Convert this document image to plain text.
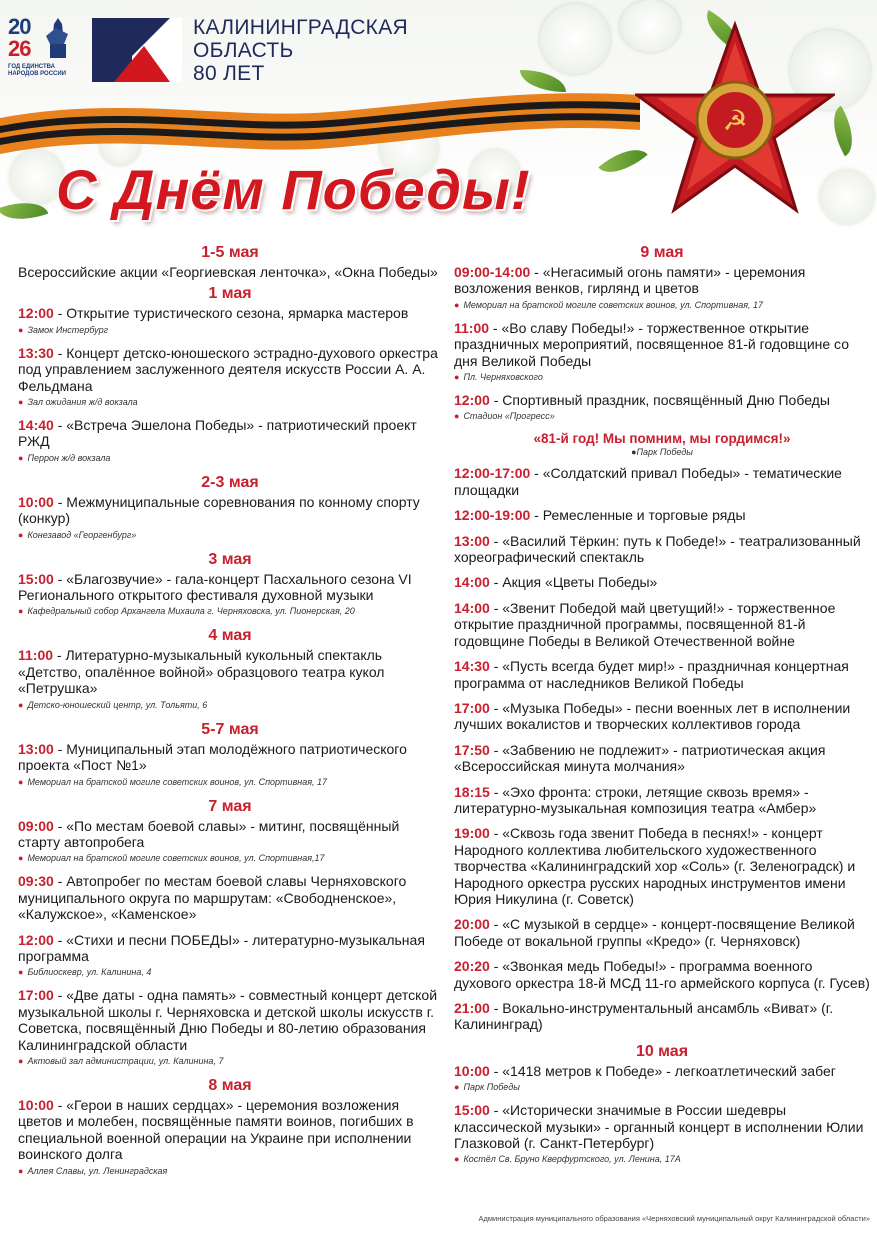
☭
20
26
ГОД ЕДИНСТВА НАРОДОВ РОССИИ
КАЛИНИНГРАДСКАЯ
ОБЛАСТЬ
80 ЛЕТ
С Днём Победы!
1-5 мая
Всероссийские акции «Георгиевская ленточка», «Окна Победы»
1 мая
12:00 - Открытие туристического сезона, ярмарка мастеров
● Замок Инстербург
13:30 - Концерт детско-юношеского эстрадно-духового оркестра под управлением заслуженного деятеля искусств России А. А. Фельдмана
● Зал ожидания ж/д вокзала
14:40 - «Встреча Эшелона Победы» - патриотический проект РЖД
● Перрон ж/д вокзала
2-3 мая
10:00 - Межмуниципальные соревнования по конному спорту (конкур)
● Конезавод «Георгенбург»
3 мая
15:00 - «Благозвучие» - гала-концерт Пасхального сезона VI Регионального открытого фестиваля духовной музыки
● Кафедральный собор Архангела Михаила г. Черняховска, ул. Пионерская, 20
4 мая
11:00 - Литературно-музыкальный кукольный спектакль «Детство, опалённое войной» образцового театра кукол «Петрушка»
● Детско-юношеский центр, ул. Тольяти, 6
5-7 мая
13:00 - Муниципальный этап молодёжного патриотического проекта «Пост №1»
● Мемориал на братской могиле советских воинов, ул. Спортивная, 17
7 мая
09:00 - «По местам боевой славы» - митинг, посвящённый старту автопробега
● Мемориал на братской могиле советских воинов, ул. Спортивная,17
09:30 - Автопробег по местам боевой славы Черняховского муниципального округа по маршрутам: «Свободненское», «Калужское», «Каменское»
12:00 - «Стихи и песни ПОБЕДЫ» - литературно-музыкальная программа
● Библиоскевр, ул. Калинина, 4
17:00 - «Две даты - одна память» - совместный концерт детской музыкальной школы г. Черняховска и детской школы искусств г. Советска, посвящённый Дню Победы и 80-летию образования Калининградской области
● Актовый зал администрации, ул. Калинина, 7
8 мая
10:00 - «Герои в наших сердцах» - церемония возложения цветов и молебен, посвящённые памяти воинов, погибших в специальной военной операции на Украине при исполнении воинского долга
● Аллея Славы, ул. Ленинградская
9 мая
09:00-14:00 - «Негасимый огонь памяти» - церемония возложения венков, гирлянд и цветов
● Мемориал на братской могиле советских воинов, ул. Спортивная, 17
11:00 - «Во славу Победы!» - торжественное открытие праздничных мероприятий, посвященное 81-й годовщине со дня Великой Победы
● Пл. Черняховского
12:00 - Спортивный праздник, посвящённый Дню Победы
● Стадион «Прогресс»
«81-й год! Мы помним, мы гордимся!»
●Парк Победы
12:00-17:00 - «Солдатский привал Победы» - тематические площадки
12:00-19:00 - Ремесленные и торговые ряды
13:00 - «Василий Тёркин: путь к Победе!» - театрализованный хореографический спектакль
14:00 - Акция «Цветы Победы»
14:00 - «Звенит Победой май цветущий!» - торжественное открытие праздничной программы, посвященной 81-й годовщине Победы в Великой Отечественной войне
14:30 - «Пусть всегда будет мир!» - праздничная концертная программа от наследников Великой Победы
17:00 - «Музыка Победы» - песни военных лет в исполнении лучших вокалистов и творческих коллективов города
17:50 - «Забвению не подлежит» - патриотическая акция «Всероссийская минута молчания»
18:15 - «Эхо фронта: строки, летящие сквозь время» - литературно-музыкальная композиция театра «Амбер»
19:00 - «Сквозь года звенит Победа в песнях!» - концерт Народного коллектива любительского художественного творчества «Калининградский хор «Соль» (г. Зеленоградск) и Народного оркестра русских народных инструментов имени Юрия Никулина (г. Советск)
20:00 - «С музыкой в сердце» - концерт-посвящение Великой Победе от вокальной группы «Кредо» (г. Черняховск)
20:20 - «Звонкая медь Победы!» - программа военного духового оркестра 18-й МСД 11-го армейского корпуса (г. Гусев)
21:00 - Вокально-инструментальный ансамбль «Виват» (г. Калининград)
10 мая
10:00 - «1418 метров к Победе» - легкоатлетический забег
● Парк Победы
15:00 - «Исторически значимые в России шедевры классической музыки» - органный концерт в исполнении Юлии Глазковой (г. Санкт-Петербург)
● Костёл Св. Бруно Кверфуртского, ул. Ленина, 17А
Администрация муниципального образования «Черняховский муниципальный округ Калининградской области»
